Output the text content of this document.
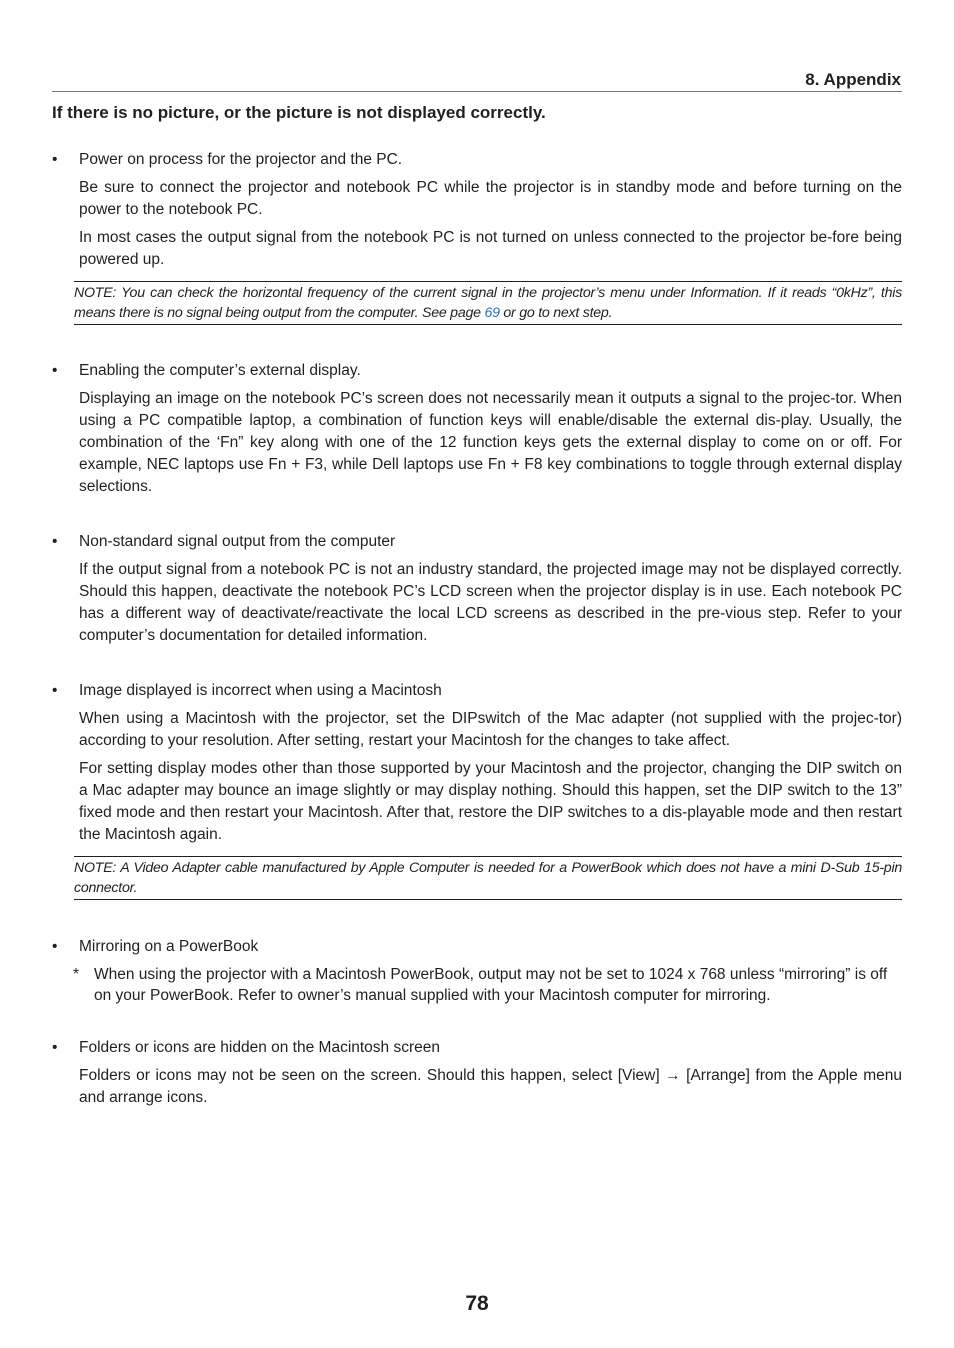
8. Appendix
If there is no picture, or the picture is not displayed correctly.
• Power on process for the projector and the PC.
Be sure to connect the projector and notebook PC while the projector is in standby mode and before turning on the power to the notebook PC.
In most cases the output signal from the notebook PC is not turned on unless connected to the projector be-fore being powered up.
NOTE: You can check the horizontal frequency of the current signal in the projector’s menu under Information. If it reads “0kHz”, this means there is no signal being output from the computer. See page 69 or go to next step.
• Enabling the computer’s external display.
Displaying an image on the notebook PC’s screen does not necessarily mean it outputs a signal to the projec-tor. When using a PC compatible laptop, a combination of function keys will enable/disable the external dis-play. Usually, the combination of the ‘Fn” key along with one of the 12 function keys gets the external display to come on or off. For example, NEC laptops use Fn + F3, while Dell laptops use Fn + F8 key combinations to toggle through external display selections.
• Non-standard signal output from the computer
If the output signal from a notebook PC is not an industry standard, the projected image may not be displayed correctly. Should this happen, deactivate the notebook PC’s LCD screen when the projector display is in use. Each notebook PC has a different way of deactivate/reactivate the local LCD screens as described in the pre-vious step. Refer to your computer’s documentation for detailed information.
• Image displayed is incorrect when using a Macintosh
When using a Macintosh with the projector, set the DIPswitch of the Mac adapter (not supplied with the projec-tor) according to your resolution. After setting, restart your Macintosh for the changes to take affect.
For setting display modes other than those supported by your Macintosh and the projector, changing the DIP switch on a Mac adapter may bounce an image slightly or may display nothing. Should this happen, set the DIP switch to the 13” fixed mode and then restart your Macintosh. After that, restore the DIP switches to a dis-playable mode and then restart the Macintosh again.
NOTE: A Video Adapter cable manufactured by Apple Computer is needed for a PowerBook which does not have a mini D-Sub 15-pin connector.
• Mirroring on a PowerBook
* When using the projector with a Macintosh PowerBook, output may not be set to 1024 x 768 unless “mirroring” is off on your PowerBook. Refer to owner’s manual supplied with your Macintosh computer for mirroring.
• Folders or icons are hidden on the Macintosh screen
Folders or icons may not be seen on the screen. Should this happen, select [View] → [Arrange] from the Apple menu and arrange icons.
78
